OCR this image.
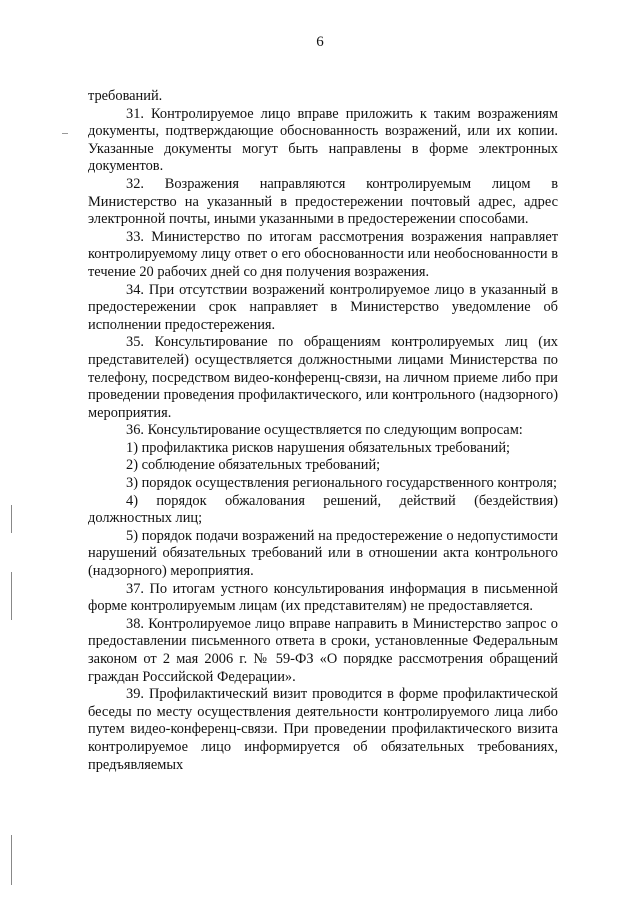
6

требований.

31. Контролируемое лицо вправе приложить к таким возражениям документы, подтверждающие обоснованность возражений, или их копии. Указанные документы могут быть направлены в форме электронных документов.

32. Возражения направляются контролируемым лицом в Министерство на указанный в предостережении почтовый адрес, адрес электронной почты, иными указанными в предостережении способами.

33. Министерство по итогам рассмотрения возражения направляет контролируемому лицу ответ о его обоснованности или необоснованности в течение 20 рабочих дней со дня получения возражения.

34. При отсутствии возражений контролируемое лицо в указанный в предостережении срок направляет в Министерство уведомление об исполнении предостережения.

35. Консультирование по обращениям контролируемых лиц (их представителей) осуществляется должностными лицами Министерства по телефону, посредством видео-конференц-связи, на личном приеме либо при проведении проведения профилактического, или контрольного (надзорного) мероприятия.

36. Консультирование осуществляется по следующим вопросам:

1) профилактика рисков нарушения обязательных требований;

2) соблюдение обязательных требований;

3) порядок осуществления регионального государственного контроля;

4) порядок обжалования решений, действий (бездействия) должностных лиц;

5) порядок подачи возражений на предостережение о недопустимости нарушений обязательных требований или в отношении акта контрольного (надзорного) мероприятия.

37. По итогам устного консультирования информация в письменной форме контролируемым лицам (их представителям) не предоставляется.

38. Контролируемое лицо вправе направить в Министерство запрос о предоставлении письменного ответа в сроки, установленные Федеральным законом от 2 мая 2006 г. № 59-ФЗ «О порядке рассмотрения обращений граждан Российской Федерации».

39. Профилактический визит проводится в форме профилактической беседы по месту осуществления деятельности контролируемого лица либо путем видео-конференц-связи. При проведении профилактического визита контролируемое лицо информируется об обязательных требованиях, предъявляемых
